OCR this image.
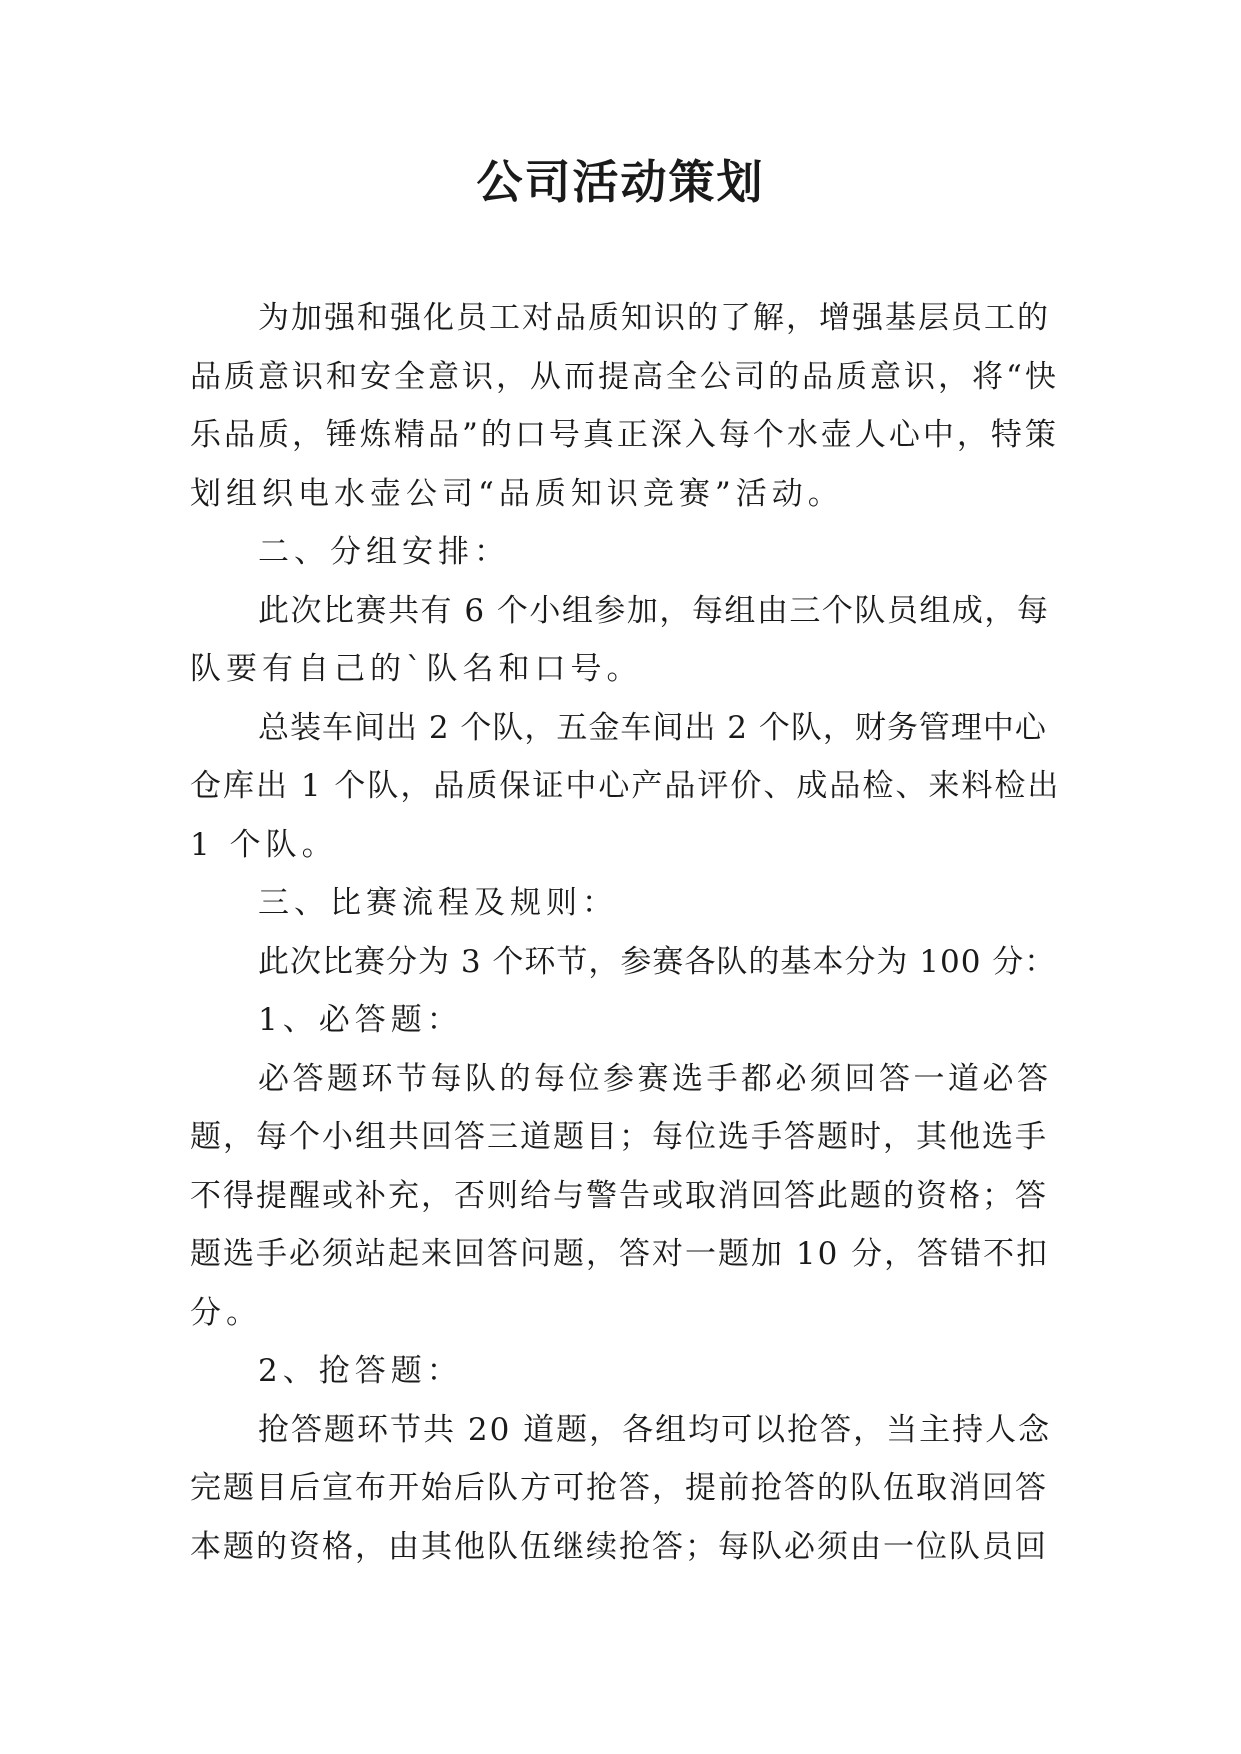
公司活动策划
为加强和强化员工对品质知识的了解，增强基层员工的
品质意识和安全意识，从而提高全公司的品质意识，将“快
乐品质，锤炼精品”的口号真正深入每个水壶人心中，特策
划组织电水壶公司“品质知识竞赛”活动。
二、分组安排：
此次比赛共有 6 个小组参加，每组由三个队员组成，每
队要有自己的`队名和口号。
总装车间出 2 个队，五金车间出 2 个队，财务管理中心
仓库出 1 个队，品质保证中心产品评价、成品检、来料检出
1 个队。
三、比赛流程及规则：
此次比赛分为 3 个环节，参赛各队的基本分为 100 分：
1、必答题：
必答题环节每队的每位参赛选手都必须回答一道必答
题，每个小组共回答三道题目；每位选手答题时，其他选手
不得提醒或补充，否则给与警告或取消回答此题的资格；答
题选手必须站起来回答问题，答对一题加 10 分，答错不扣
分。
2、抢答题：
抢答题环节共 20 道题，各组均可以抢答，当主持人念
完题目后宣布开始后队方可抢答，提前抢答的队伍取消回答
本题的资格，由其他队伍继续抢答；每队必须由一位队员回
